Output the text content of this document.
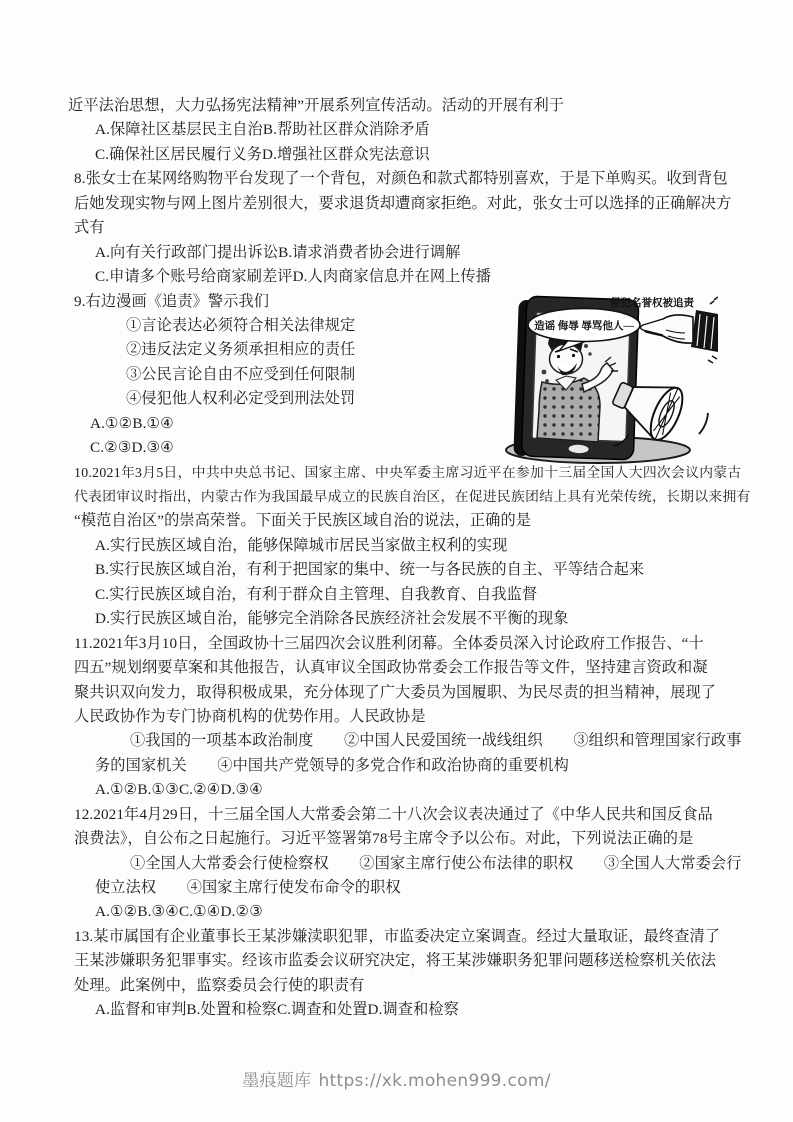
近平法治思想，大力弘扬宪法精神”开展系列宣传活动。活动的开展有利于
A.保障社区基层民主自治B.帮助社区群众消除矛盾
C.确保社区居民履行义务D.增强社区群众宪法意识
8.张女士在某网络购物平台发现了一个背包，对颜色和款式都特别喜欢，于是下单购买。收到背包
后她发现实物与网上图片差别很大，要求退货却遭商家拒绝。对此，张女士可以选择的正确解决方
式有
A.向有关行政部门提出诉讼B.请求消费者协会进行调解
C.申请多个账号给商家刷差评D.人肉商家信息并在网上传播
9.右边漫画《追责》警示我们
①言论表达必须符合相关法律规定
②违反法定义务须承担相应的责任
③公民言论自由不应受到任何限制
④侵犯他人权利必定受到刑法处罚
A.①②B.①④
C.②③D.③④
10.2021年3月5日，中共中央总书记、国家主席、中央军委主席习近平在参加十三届全国人大四次会议内蒙古
代表团审议时指出，内蒙古作为我国最早成立的民族自治区，在促进民族团结上具有光荣传统，长期以来拥有
“模范自治区”的崇高荣誉。下面关于民族区域自治的说法，正确的是
A.实行民族区域自治，能够保障城市居民当家做主权利的实现
B.实行民族区域自治，有利于把国家的集中、统一与各民族的自主、平等结合起来
C.实行民族区域自治，有利于群众自主管理、自我教育、自我监督
D.实行民族区域自治，能够完全消除各民族经济社会发展不平衡的现象
11.2021年3月10日，全国政协十三届四次会议胜利闭幕。全体委员深入讨论政府工作报告、“十
四五”规划纲要草案和其他报告，认真审议全国政协常委会工作报告等文件，坚持建言资政和凝
聚共识双向发力，取得积极成果，充分体现了广大委员为国履职、为民尽责的担当精神，展现了
人民政协作为专门协商机构的优势作用。人民政协是
①我国的一项基本政治制度　　②中国人民爱国统一战线组织　　③组织和管理国家行政事
务的国家机关　　④中国共产党领导的多党合作和政治协商的重要机构
A.①②B.①③C.②④D.③④
12.2021年4月29日，十三届全国人大常委会第二十八次会议表决通过了《中华人民共和国反食品
浪费法》，自公布之日起施行。习近平签署第78号主席令予以公布。对此，下列说法正确的是
①全国人大常委会行使检察权　　②国家主席行使公布法律的职权　　③全国人大常委会行
使立法权　　④国家主席行使发布命令的职权
A.①②B.③④C.①④D.②③
13.某市属国有企业董事长王某涉嫌渎职犯罪，市监委决定立案调查。经过大量取证，最终查清了
王某涉嫌职务犯罪事实。经该市监委会议研究决定，将王某涉嫌职务犯罪问题移送检察机关依法
处理。此案例中，监察委员会行使的职责有
A.监督和审判B.处置和检察C.调查和处置D.调查和检察
造谣 侮辱 辱骂他人—
侵犯名誉权被追责
墨痕题库 https://xk.mohen999.com/
